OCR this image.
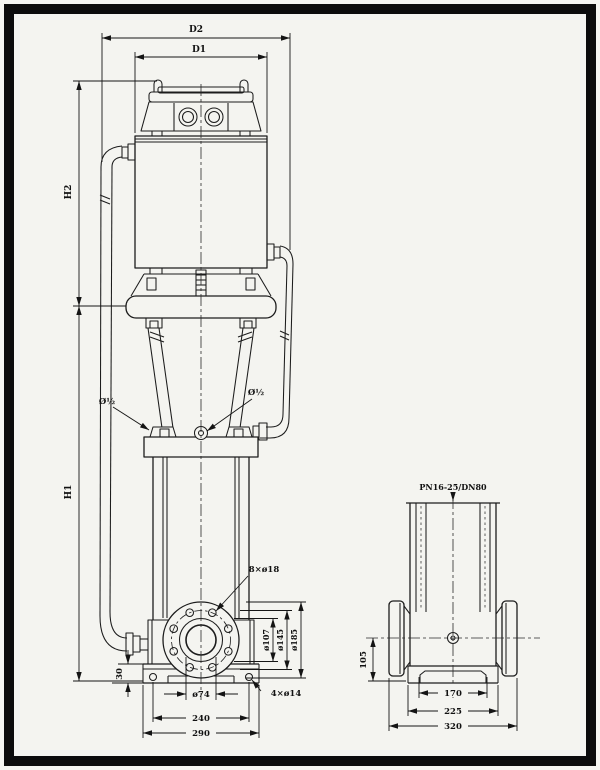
D2
D1
H2
H1
Ø½
Ø½
8×ø18
ø107 ø145 ø185
ø74	4×ø14
30
240
290
PN16-25/DN80
105
170
225
320
